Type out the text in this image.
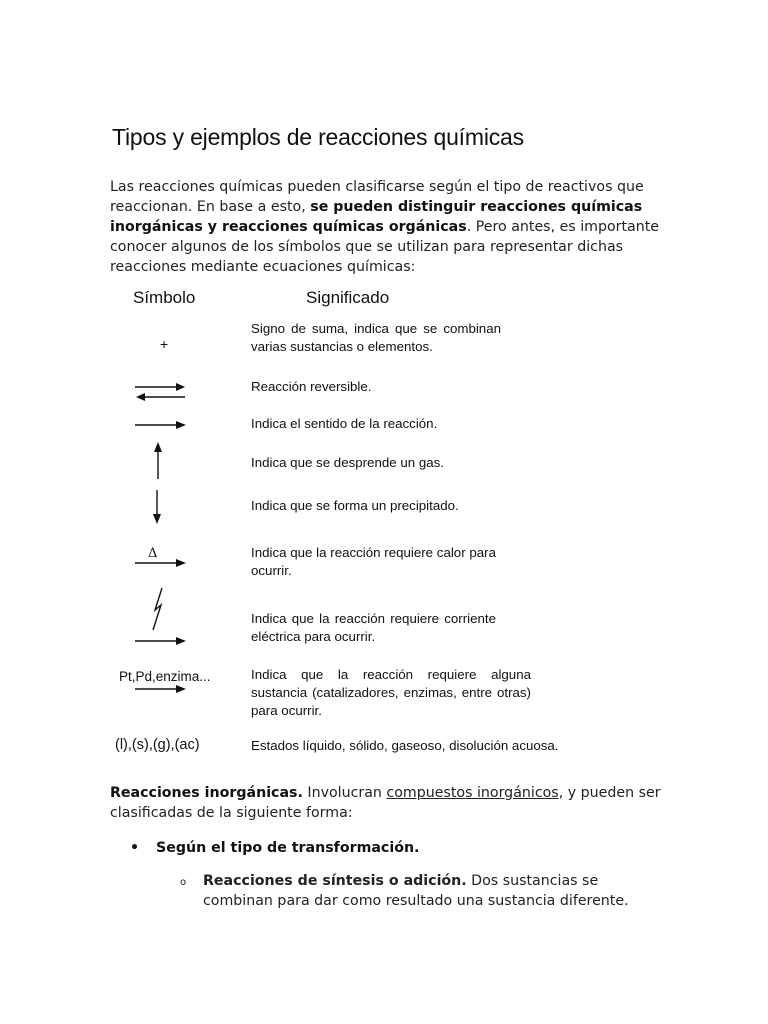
Tipos y ejemplos de reacciones químicas

Las reacciones químicas pueden clasificarse según el tipo de reactivos que reaccionan. En base a esto, se pueden distinguir reacciones químicas inorgánicas y reacciones químicas orgánicas. Pero antes, es importante conocer algunos de los símbolos que se utilizan para representar dichas reacciones mediante ecuaciones químicas:

Símbolo	Significado
+
Δ
Pt,Pd,enzima...
(l),(s),(g),(ac)
Signo de suma, indica que se combinan varias sustancias o elementos.
Reacción reversible.
Indica el sentido de la reacción.
Indica que se desprende un gas.
Indica que se forma un precipitado.
Indica que la reacción requiere calor para ocurrir.
Indica que la reacción requiere corriente eléctrica para ocurrir.
Indica que la reacción requiere alguna sustancia (catalizadores, enzimas, entre otras) para ocurrir.
Estados líquido, sólido, gaseoso, disolución acuosa.

Reacciones inorgánicas. Involucran compuestos inorgánicos, y pueden ser clasificadas de la siguiente forma:

• Según el tipo de transformación.
o Reacciones de síntesis o adición. Dos sustancias se combinan para dar como resultado una sustancia diferente.
